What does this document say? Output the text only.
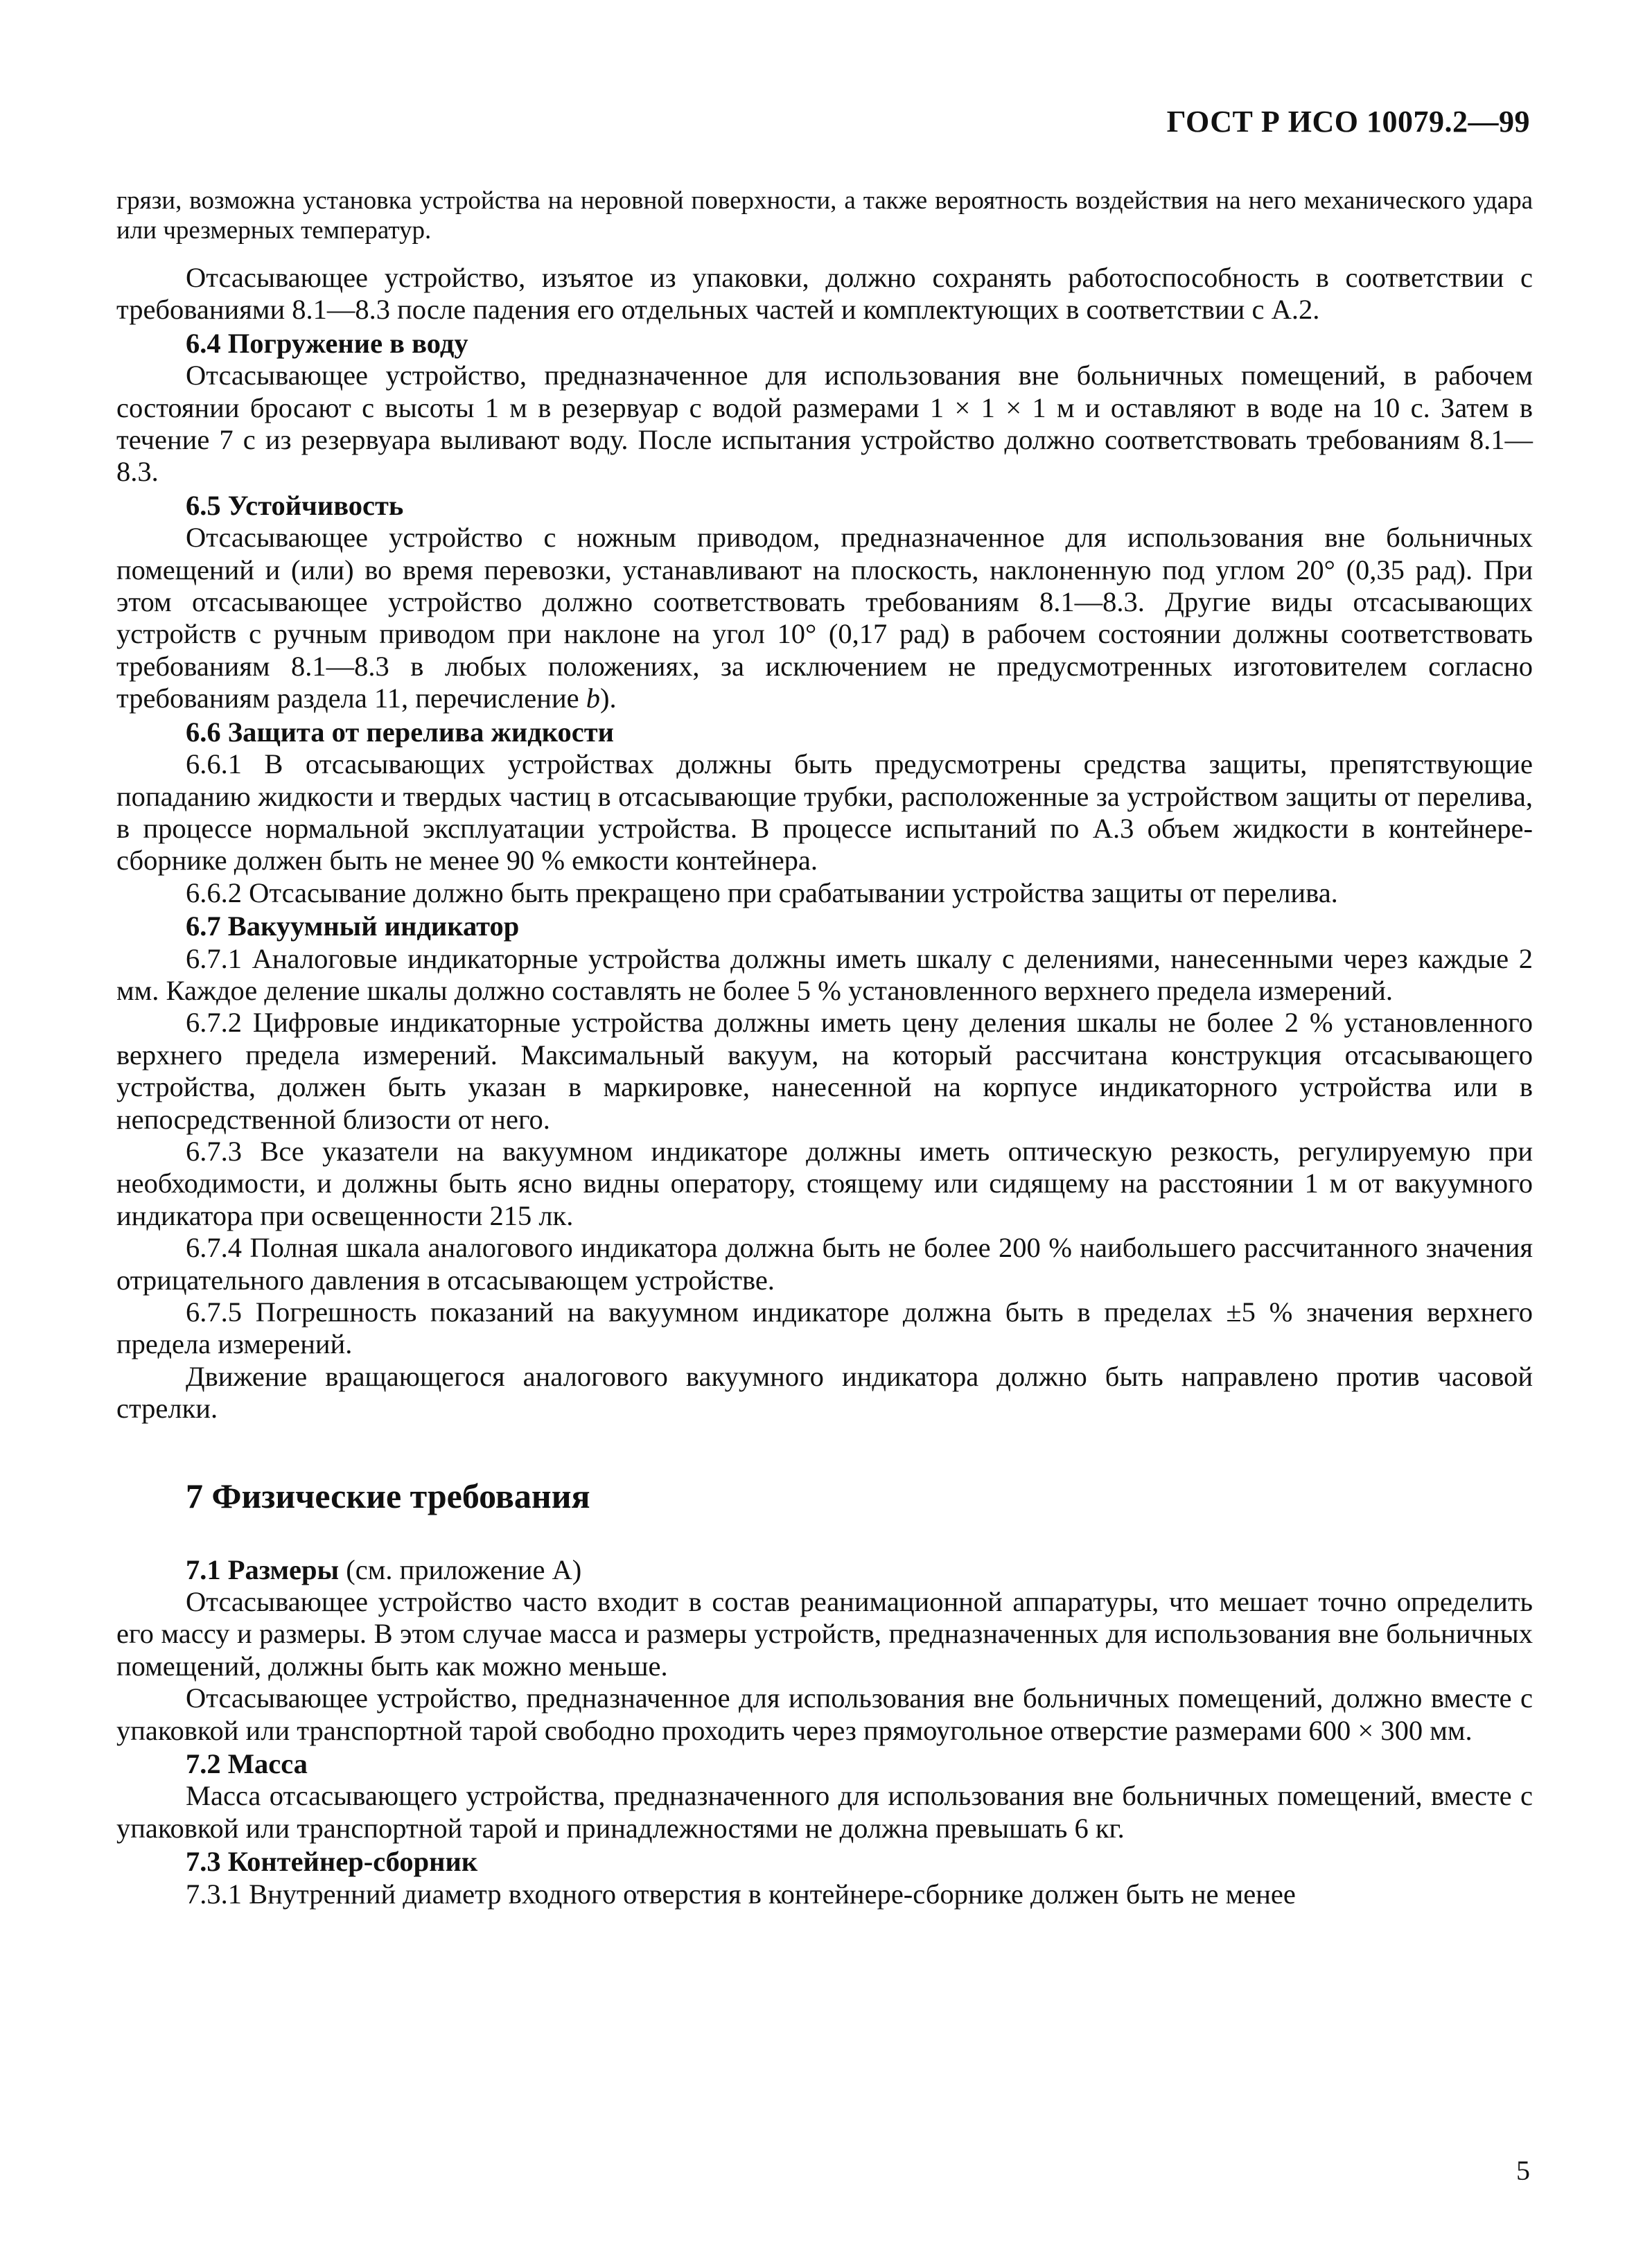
ГОСТ Р ИСО 10079.2—99

грязи, возможна установка устройства на неровной поверхности, а также вероятность воздействия на него механического удара или чрезмерных температур.

Отсасывающее устройство, изъятое из упаковки, должно сохранять работоспособность в соответствии с требованиями 8.1—8.3 после падения его отдельных частей и комплектующих в соответствии с А.2.

6.4 Погружение в воду

Отсасывающее устройство, предназначенное для использования вне больничных помещений, в рабочем состоянии бросают с высоты 1 м в резервуар с водой размерами 1 × 1 × 1 м и оставляют в воде на 10 с. Затем в течение 7 с из резервуара выливают воду. После испытания устройство должно соответствовать требованиям 8.1—8.3.

6.5 Устойчивость

Отсасывающее устройство с ножным приводом, предназначенное для использования вне больничных помещений и (или) во время перевозки, устанавливают на плоскость, наклоненную под углом 20° (0,35 рад). При этом отсасывающее устройство должно соответствовать требованиям 8.1—8.3. Другие виды отсасывающих устройств с ручным приводом при наклоне на угол 10° (0,17 рад) в рабочем состоянии должны соответствовать требованиям 8.1—8.3 в любых положениях, за исключением не предусмотренных изготовителем согласно требованиям раздела 11, перечисление b).

6.6 Защита от перелива жидкости

6.6.1 В отсасывающих устройствах должны быть предусмотрены средства защиты, препятствующие попаданию жидкости и твердых частиц в отсасывающие трубки, расположенные за устройством защиты от перелива, в процессе нормальной эксплуатации устройства. В процессе испытаний по А.3 объем жидкости в контейнере-сборнике должен быть не менее 90 % емкости контейнера.

6.6.2 Отсасывание должно быть прекращено при срабатывании устройства защиты от перелива.

6.7 Вакуумный индикатор

6.7.1 Аналоговые индикаторные устройства должны иметь шкалу с делениями, нанесенными через каждые 2 мм. Каждое деление шкалы должно составлять не более 5 % установленного верхнего предела измерений.

6.7.2 Цифровые индикаторные устройства должны иметь цену деления шкалы не более 2 % установленного верхнего предела измерений. Максимальный вакуум, на который рассчитана конструкция отсасывающего устройства, должен быть указан в маркировке, нанесенной на корпусе индикаторного устройства или в непосредственной близости от него.

6.7.3 Все указатели на вакуумном индикаторе должны иметь оптическую резкость, регулируемую при необходимости, и должны быть ясно видны оператору, стоящему или сидящему на расстоянии 1 м от вакуумного индикатора при освещенности 215 лк.

6.7.4 Полная шкала аналогового индикатора должна быть не более 200 % наибольшего рассчитанного значения отрицательного давления в отсасывающем устройстве.

6.7.5 Погрешность показаний на вакуумном индикаторе должна быть в пределах ±5 % значения верхнего предела измерений.

Движение вращающегося аналогового вакуумного индикатора должно быть направлено против часовой стрелки.

7 Физические требования

7.1 Размеры (см. приложение А)

Отсасывающее устройство часто входит в состав реанимационной аппаратуры, что мешает точно определить его массу и размеры. В этом случае масса и размеры устройств, предназначенных для использования вне больничных помещений, должны быть как можно меньше.

Отсасывающее устройство, предназначенное для использования вне больничных помещений, должно вместе с упаковкой или транспортной тарой свободно проходить через прямоугольное отверстие размерами 600 × 300 мм.

7.2 Масса

Масса отсасывающего устройства, предназначенного для использования вне больничных помещений, вместе с упаковкой или транспортной тарой и принадлежностями не должна превышать 6 кг.

7.3 Контейнер-сборник

7.3.1 Внутренний диаметр входного отверстия в контейнере-сборнике должен быть не менее

5
